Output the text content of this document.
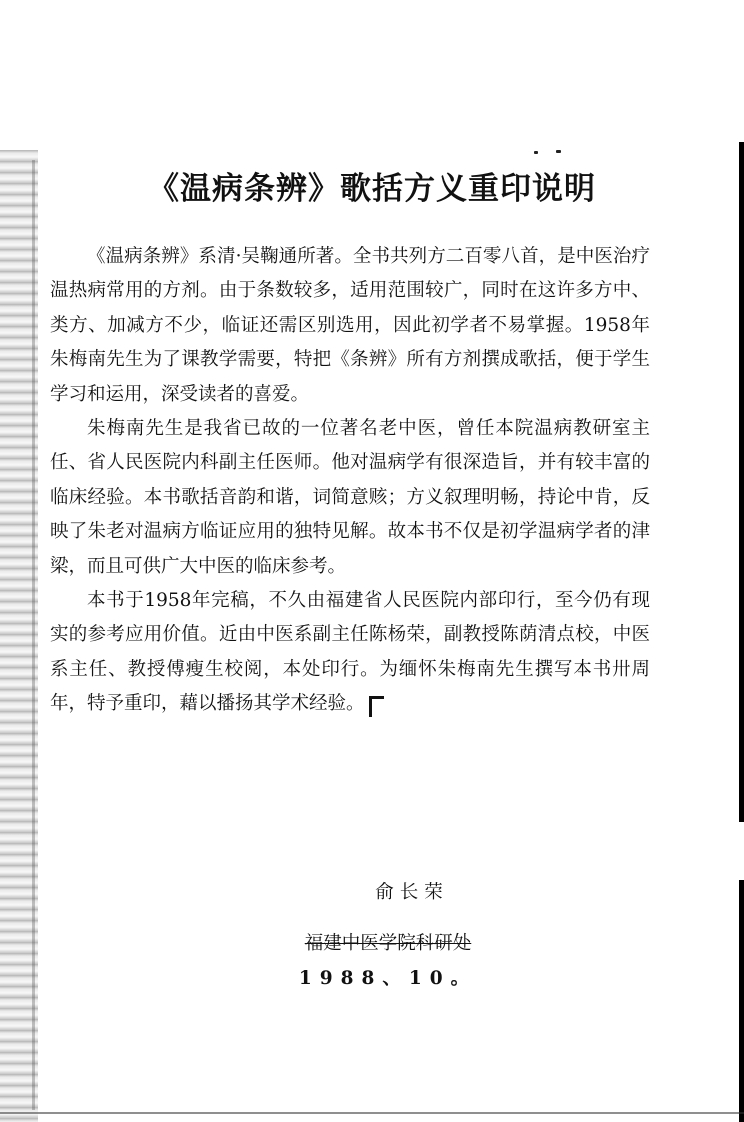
《温病条辨》歌括方义重印说明

《温病条辨》系清·吴鞠通所著。全书共列方二百零八首，是中医治疗温热病常用的方剂。由于条数较多，适用范围较广，同时在这许多方中、类方、加减方不少，临证还需区别选用，因此初学者不易掌握。1958年朱梅南先生为了课教学需要，特把《条辨》所有方剂撰成歌括，便于学生学习和运用，深受读者的喜爱。

朱梅南先生是我省已故的一位著名老中医，曾任本院温病教研室主任、省人民医院内科副主任医师。他对温病学有很深造旨，并有较丰富的临床经验。本书歌括音韵和谐，词简意赅；方义叙理明畅，持论中肯，反映了朱老对温病方临证应用的独特见解。故本书不仅是初学温病学者的津梁，而且可供广大中医的临床参考。

本书于1958年完稿，不久由福建省人民医院内部印行，至今仍有现实的参考应用价值。近由中医系副主任陈杨荣，副教授陈荫清点校，中医系主任、教授傅瘦生校阅，本处印行。为缅怀朱梅南先生撰写本书卅周年，特予重印，藉以播扬其学术经验。

俞长荣
福建中医学院科研处
1988、10。
